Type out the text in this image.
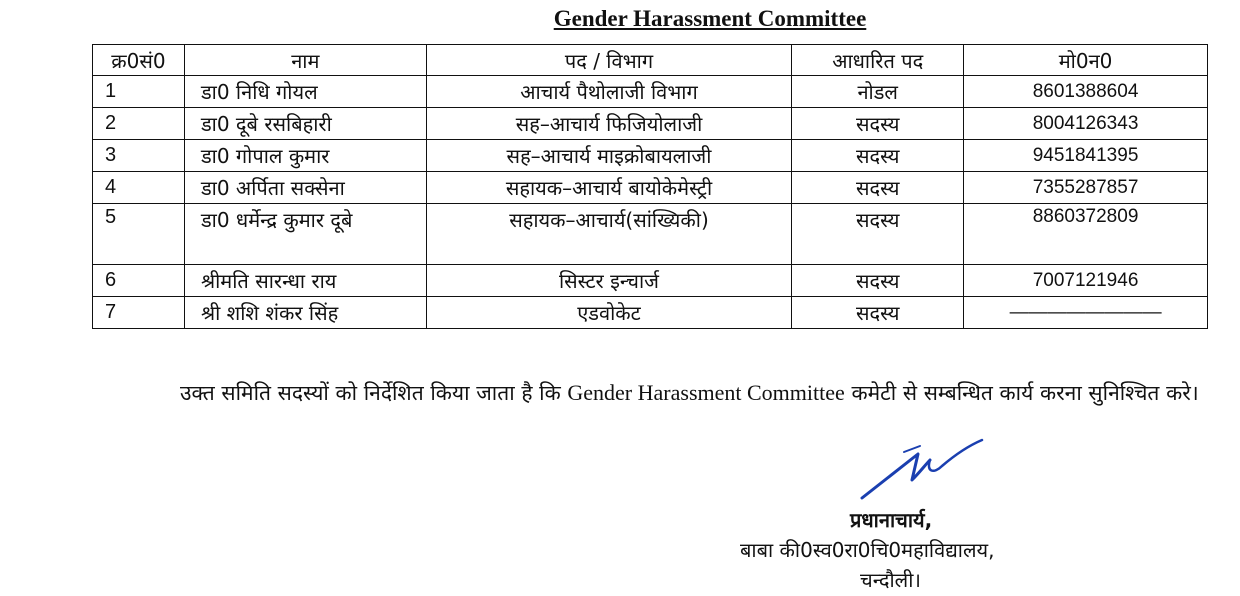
Gender Harassment Committee
क्र0सं0	नाम	पद / विभाग	आधारित पद	मो0न0
1	डा0 निधि गोयल	आचार्य पैथोलाजी विभाग	नोडल	8601388604
2	डा0 दूबे रसबिहारी	सह–आचार्य फिजियोलाजी	सदस्य	8004126343
3	डा0 गोपाल कुमार	सह–आचार्य माइक्रोबायलाजी	सदस्य	9451841395
4	डा0 अर्पिता सक्सेना	सहायक–आचार्य बायोकेमेस्ट्री	सदस्य	7355287857
5	डा0 धर्मेन्द्र कुमार दूबे	सहायक–आचार्य(सांख्यिकी)	सदस्य	8860372809
6	श्रीमति सारन्धा राय	सिस्टर इन्चार्ज	सदस्य	7007121946
7	श्री शशि शंकर सिंह	एडवोकेट	सदस्य	————————
उक्त समिति सदस्यों को निर्देशित किया जाता है कि Gender Harassment Committee कमेटी से सम्बन्धित कार्य करना सुनिश्चित करे।
प्रधानाचार्य,
बाबा की0स्व0रा0चि0महाविद्यालय,
चन्दौली।
